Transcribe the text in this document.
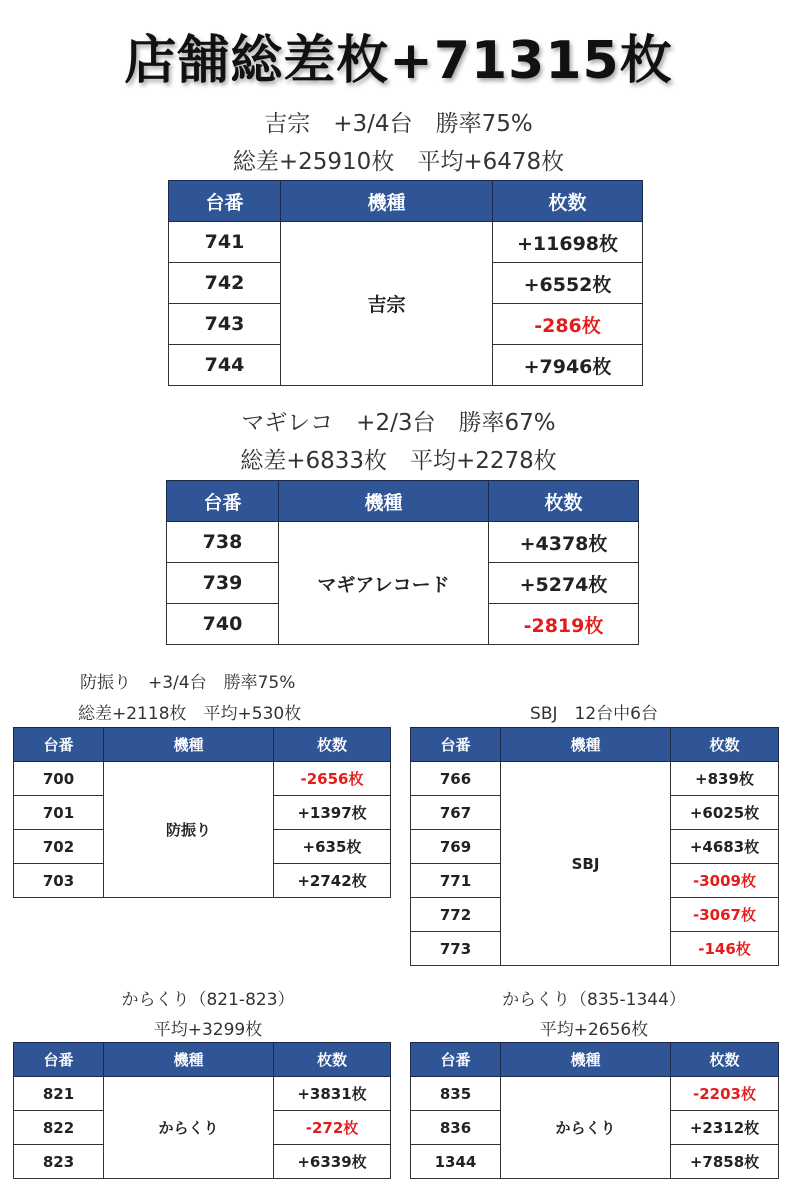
店舗総差枚+71315枚
吉宗　+3/4台　勝率75%
総差+25910枚　平均+6478枚
台番	機種	枚数
741	吉宗	+11698枚
742		+6552枚
743		-286枚
744		+7946枚
マギレコ　+2/3台　勝率67%
総差+6833枚　平均+2278枚
台番	機種	枚数
738	マギアレコード	+4378枚
739		+5274枚
740		-2819枚
防振り　+3/4台　勝率75%
総差+2118枚　平均+530枚
台番	機種	枚数
700	防振り	-2656枚
701		+1397枚
702		+635枚
703		+2742枚
SBJ　12台中6台
台番	機種	枚数
766	SBJ	+839枚
767		+6025枚
769		+4683枚
771		-3009枚
772		-3067枚
773		-146枚
からくり（821-823）
平均+3299枚
台番	機種	枚数
821	からくり	+3831枚
822		-272枚
823		+6339枚
からくり（835-1344）
平均+2656枚
台番	機種	枚数
835	からくり	-2203枚
836		+2312枚
1344		+7858枚
